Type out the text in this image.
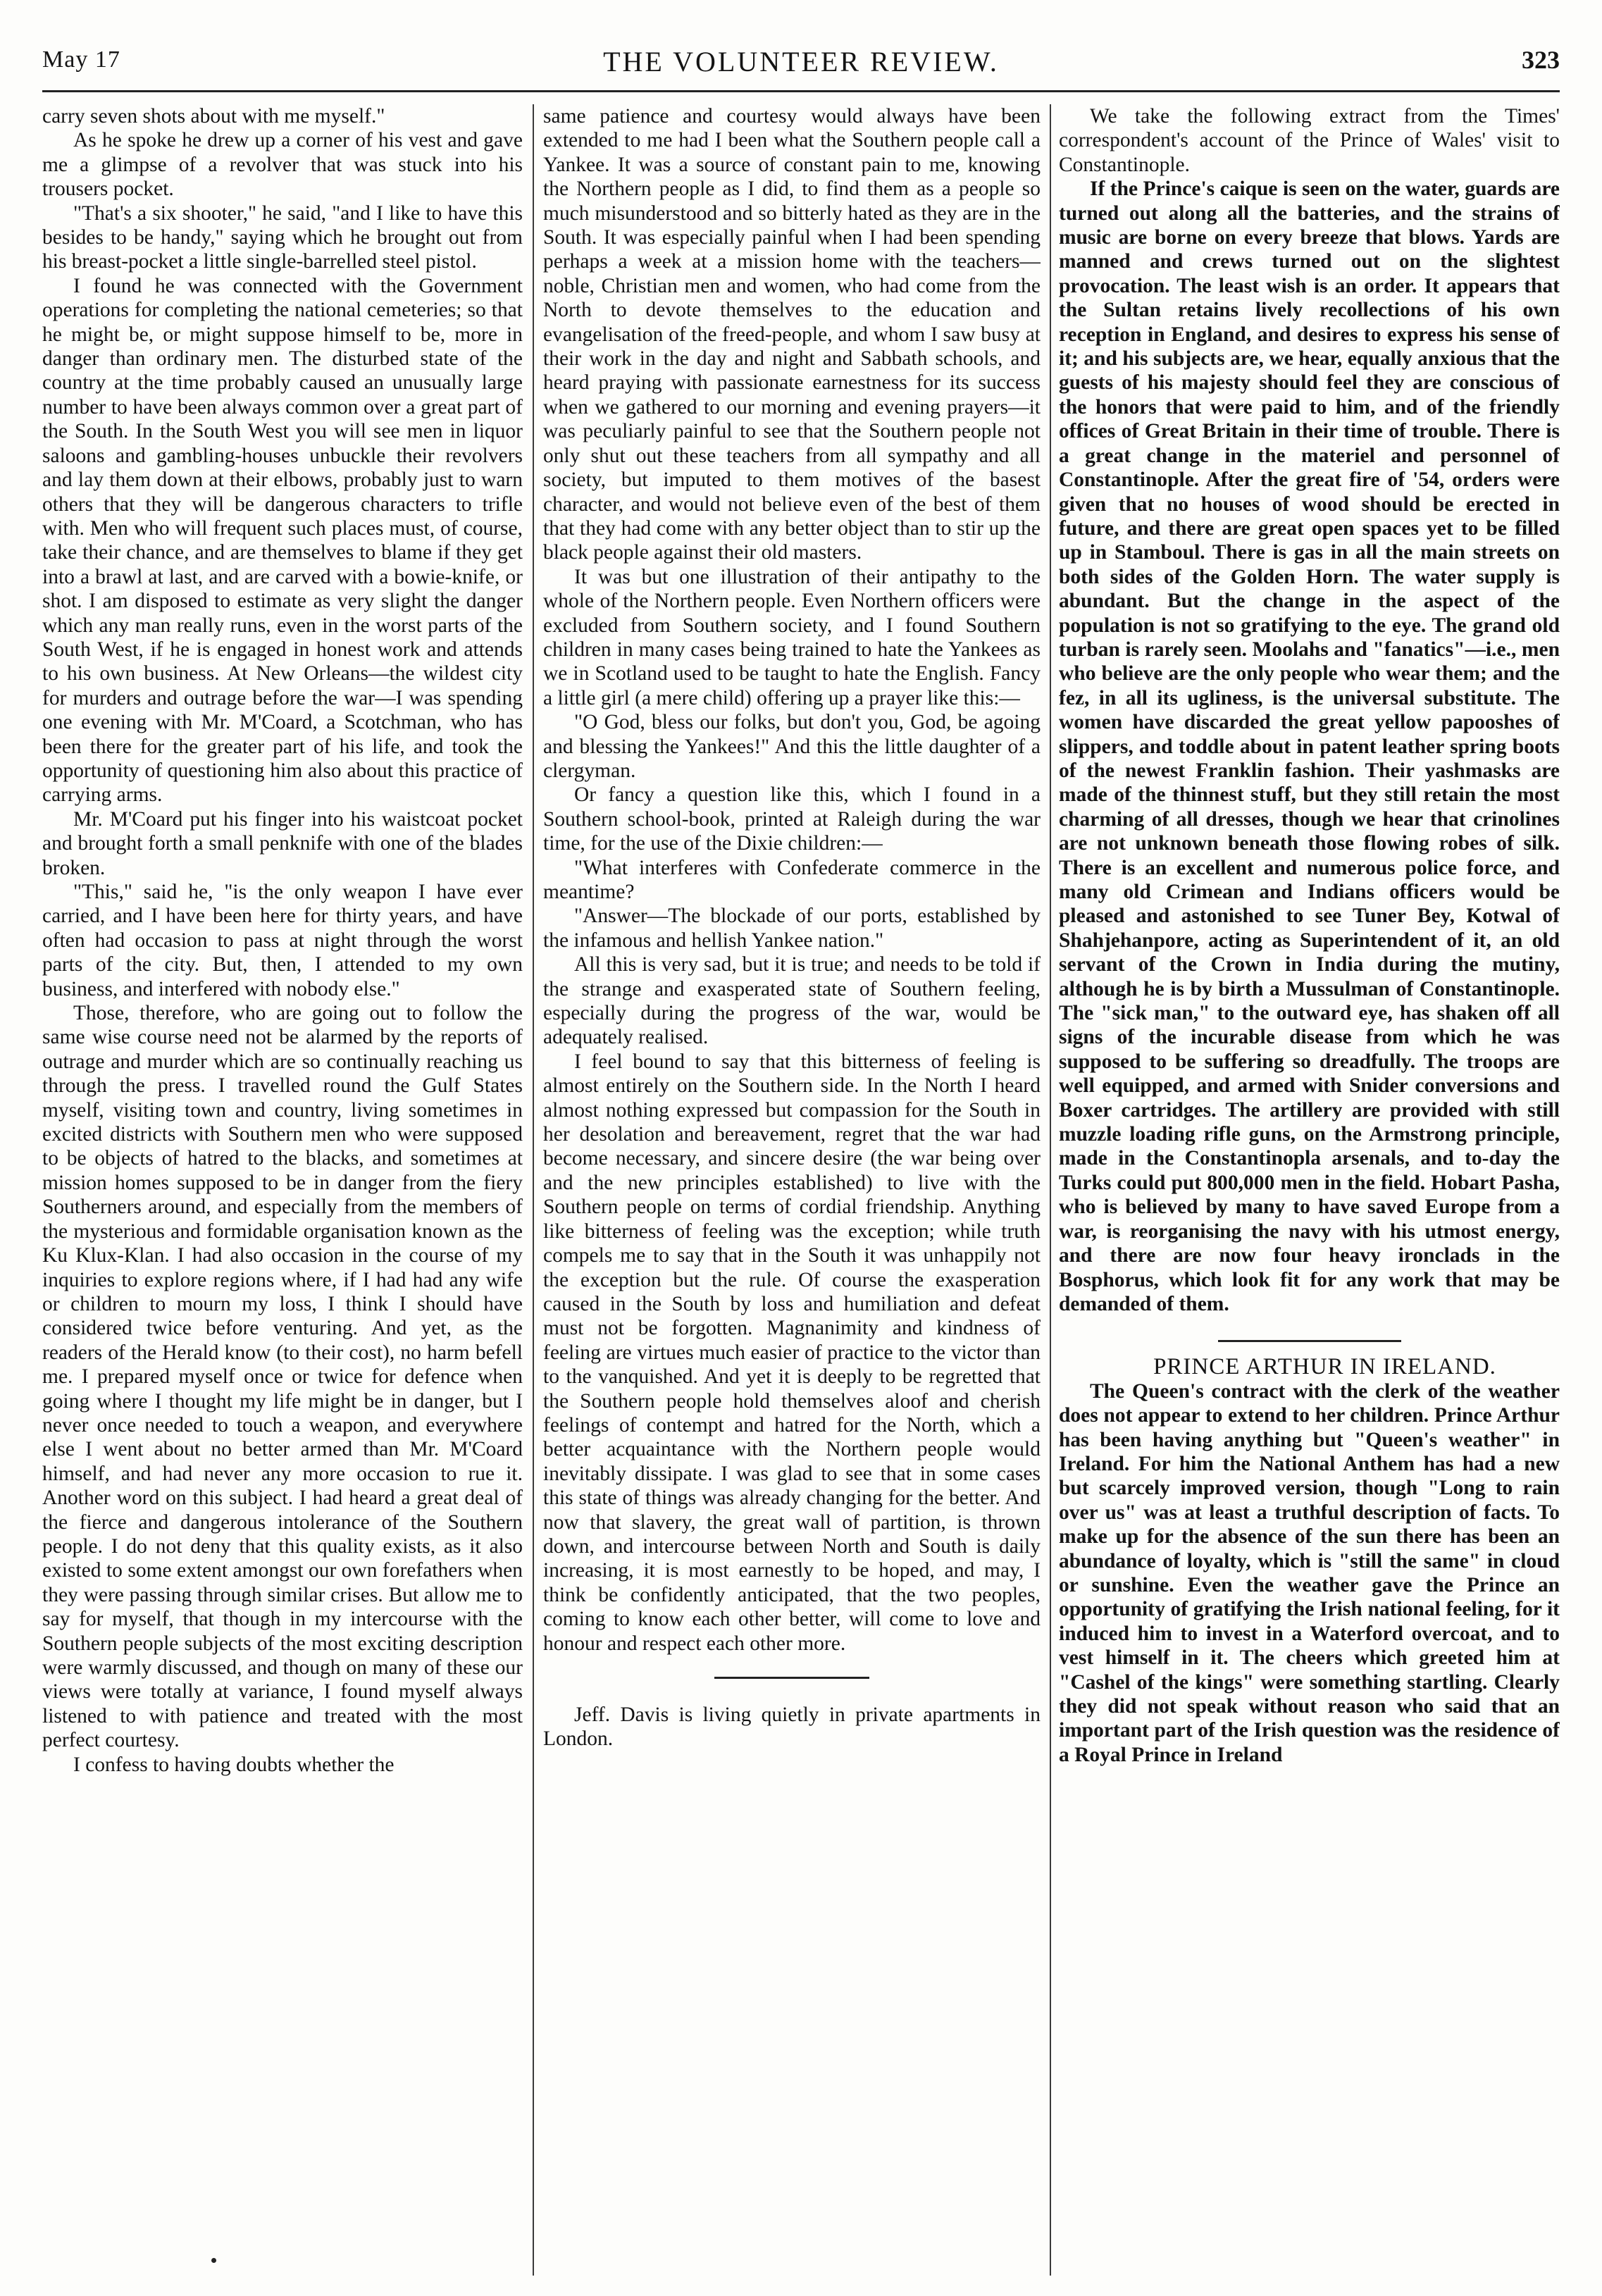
May 17	THE VOLUNTEER REVIEW.	323

carry seven shots about with me myself."

As he spoke he drew up a corner of his vest and gave me a glimpse of a revolver that was stuck into his trousers pocket.

"That's a six shooter," he said, "and I like to have this besides to be handy," saying which he brought out from his breast-pocket a little single-barrelled steel pistol.

I found he was connected with the Government operations for completing the national cemeteries; so that he might be, or might suppose himself to be, more in danger than ordinary men. The disturbed state of the country at the time probably caused an unusually large number to have been always common over a great part of the South. In the South West you will see men in liquor saloons and gambling-houses unbuckle their revolvers and lay them down at their elbows, probably just to warn others that they will be dangerous characters to trifle with. Men who will frequent such places must, of course, take their chance, and are themselves to blame if they get into a brawl at last, and are carved with a bowie-knife, or shot. I am disposed to estimate as very slight the danger which any man really runs, even in the worst parts of the South West, if he is engaged in honest work and attends to his own business. At New Orleans—the wildest city for murders and outrage before the war—I was spending one evening with Mr. M'Coard, a Scotchman, who has been there for the greater part of his life, and took the opportunity of questioning him also about this practice of carrying arms.

Mr. M'Coard put his finger into his waistcoat pocket and brought forth a small penknife with one of the blades broken.

"This," said he, "is the only weapon I have ever carried, and I have been here for thirty years, and have often had occasion to pass at night through the worst parts of the city. But, then, I attended to my own business, and interfered with nobody else."

Those, therefore, who are going out to follow the same wise course need not be alarmed by the reports of outrage and murder which are so continually reaching us through the press. I travelled round the Gulf States myself, visiting town and country, living sometimes in excited districts with Southern men who were supposed to be objects of hatred to the blacks, and sometimes at mission homes supposed to be in danger from the fiery Southerners around, and especially from the members of the mysterious and formidable organisation known as the Ku Klux-Klan. I had also occasion in the course of my inquiries to explore regions where, if I had had any wife or children to mourn my loss, I think I should have considered twice before venturing. And yet, as the readers of the Herald know (to their cost), no harm befell me. I prepared myself once or twice for defence when going where I thought my life might be in danger, but I never once needed to touch a weapon, and everywhere else I went about no better armed than Mr. M'Coard himself, and had never any more occasion to rue it. Another word on this subject. I had heard a great deal of the fierce and dangerous intolerance of the Southern people. I do not deny that this quality exists, as it also existed to some extent amongst our own forefathers when they were passing through similar crises. But allow me to say for myself, that though in my intercourse with the Southern people subjects of the most exciting description were warmly discussed, and though on many of these our views were totally at variance, I found myself always listened to with patience and treated with the most perfect courtesy.

I confess to having doubts whether the

same patience and courtesy would always have been extended to me had I been what the Southern people call a Yankee. It was a source of constant pain to me, knowing the Northern people as I did, to find them as a people so much misunderstood and so bitterly hated as they are in the South. It was especially painful when I had been spending perhaps a week at a mission home with the teachers—noble, Christian men and women, who had come from the North to devote themselves to the education and evangelisation of the freed-people, and whom I saw busy at their work in the day and night and Sabbath schools, and heard praying with passionate earnestness for its success when we gathered to our morning and evening prayers—it was peculiarly painful to see that the Southern people not only shut out these teachers from all sympathy and all society, but imputed to them motives of the basest character, and would not believe even of the best of them that they had come with any better object than to stir up the black people against their old masters.

It was but one illustration of their antipathy to the whole of the Northern people. Even Northern officers were excluded from Southern society, and I found Southern children in many cases being trained to hate the Yankees as we in Scotland used to be taught to hate the English. Fancy a little girl (a mere child) offering up a prayer like this:—

"O God, bless our folks, but don't you, God, be agoing and blessing the Yankees!" And this the little daughter of a clergyman.

Or fancy a question like this, which I found in a Southern school-book, printed at Raleigh during the war time, for the use of the Dixie children:—

"What interferes with Confederate commerce in the meantime?

"Answer—The blockade of our ports, established by the infamous and hellish Yankee nation."

All this is very sad, but it is true; and needs to be told if the strange and exasperated state of Southern feeling, especially during the progress of the war, would be adequately realised.

I feel bound to say that this bitterness of feeling is almost entirely on the Southern side. In the North I heard almost nothing expressed but compassion for the South in her desolation and bereavement, regret that the war had become necessary, and sincere desire (the war being over and the new principles established) to live with the Southern people on terms of cordial friendship. Anything like bitterness of feeling was the exception; while truth compels me to say that in the South it was unhappily not the exception but the rule. Of course the exasperation caused in the South by loss and humiliation and defeat must not be forgotten. Magnanimity and kindness of feeling are virtues much easier of practice to the victor than to the vanquished. And yet it is deeply to be regretted that the Southern people hold themselves aloof and cherish feelings of contempt and hatred for the North, which a better acquaintance with the Northern people would inevitably dissipate. I was glad to see that in some cases this state of things was already changing for the better. And now that slavery, the great wall of partition, is thrown down, and intercourse between North and South is daily increasing, it is most earnestly to be hoped, and may, I think be confidently anticipated, that the two peoples, coming to know each other better, will come to love and honour and respect each other more.

Jeff. Davis is living quietly in private apartments in London.

We take the following extract from the Times' correspondent's account of the Prince of Wales' visit to Constantinople.

If the Prince's caique is seen on the water, guards are turned out along all the batteries, and the strains of music are borne on every breeze that blows. Yards are manned and crews turned out on the slightest provocation. The least wish is an order. It appears that the Sultan retains lively recollections of his own reception in England, and desires to express his sense of it; and his subjects are, we hear, equally anxious that the guests of his majesty should feel they are conscious of the honors that were paid to him, and of the friendly offices of Great Britain in their time of trouble. There is a great change in the materiel and personnel of Constantinople. After the great fire of '54, orders were given that no houses of wood should be erected in future, and there are great open spaces yet to be filled up in Stamboul. There is gas in all the main streets on both sides of the Golden Horn. The water supply is abundant. But the change in the aspect of the population is not so gratifying to the eye. The grand old turban is rarely seen. Moolahs and "fanatics"—i.e., men who believe are the only people who wear them; and the fez, in all its ugliness, is the universal substitute. The women have discarded the great yellow papooshes of slippers, and toddle about in patent leather spring boots of the newest Franklin fashion. Their yashmasks are made of the thinnest stuff, but they still retain the most charming of all dresses, though we hear that crinolines are not unknown beneath those flowing robes of silk. There is an excellent and numerous police force, and many old Crimean and Indians officers would be pleased and astonished to see Tuner Bey, Kotwal of Shahjehanpore, acting as Superintendent of it, an old servant of the Crown in India during the mutiny, although he is by birth a Mussulman of Constantinople. The "sick man," to the outward eye, has shaken off all signs of the incurable disease from which he was supposed to be suffering so dreadfully. The troops are well equipped, and armed with Snider conversions and Boxer cartridges. The artillery are provided with still muzzle loading rifle guns, on the Armstrong principle, made in the Constantinopla arsenals, and to-day the Turks could put 800,000 men in the field. Hobart Pasha, who is believed by many to have saved Europe from a war, is reorganising the navy with his utmost energy, and there are now four heavy ironclads in the Bosphorus, which look fit for any work that may be demanded of them.

PRINCE ARTHUR IN IRELAND.

The Queen's contract with the clerk of the weather does not appear to extend to her children. Prince Arthur has been having anything but "Queen's weather" in Ireland. For him the National Anthem has had a new but scarcely improved version, though "Long to rain over us" was at least a truthful description of facts. To make up for the absence of the sun there has been an abundance of loyalty, which is "still the same" in cloud or sunshine. Even the weather gave the Prince an opportunity of gratifying the Irish national feeling, for it induced him to invest in a Waterford overcoat, and to vest himself in it. The cheers which greeted him at "Cashel of the kings" were something startling. Clearly they did not speak without reason who said that an important part of the Irish question was the residence of a Royal Prince in Ireland
